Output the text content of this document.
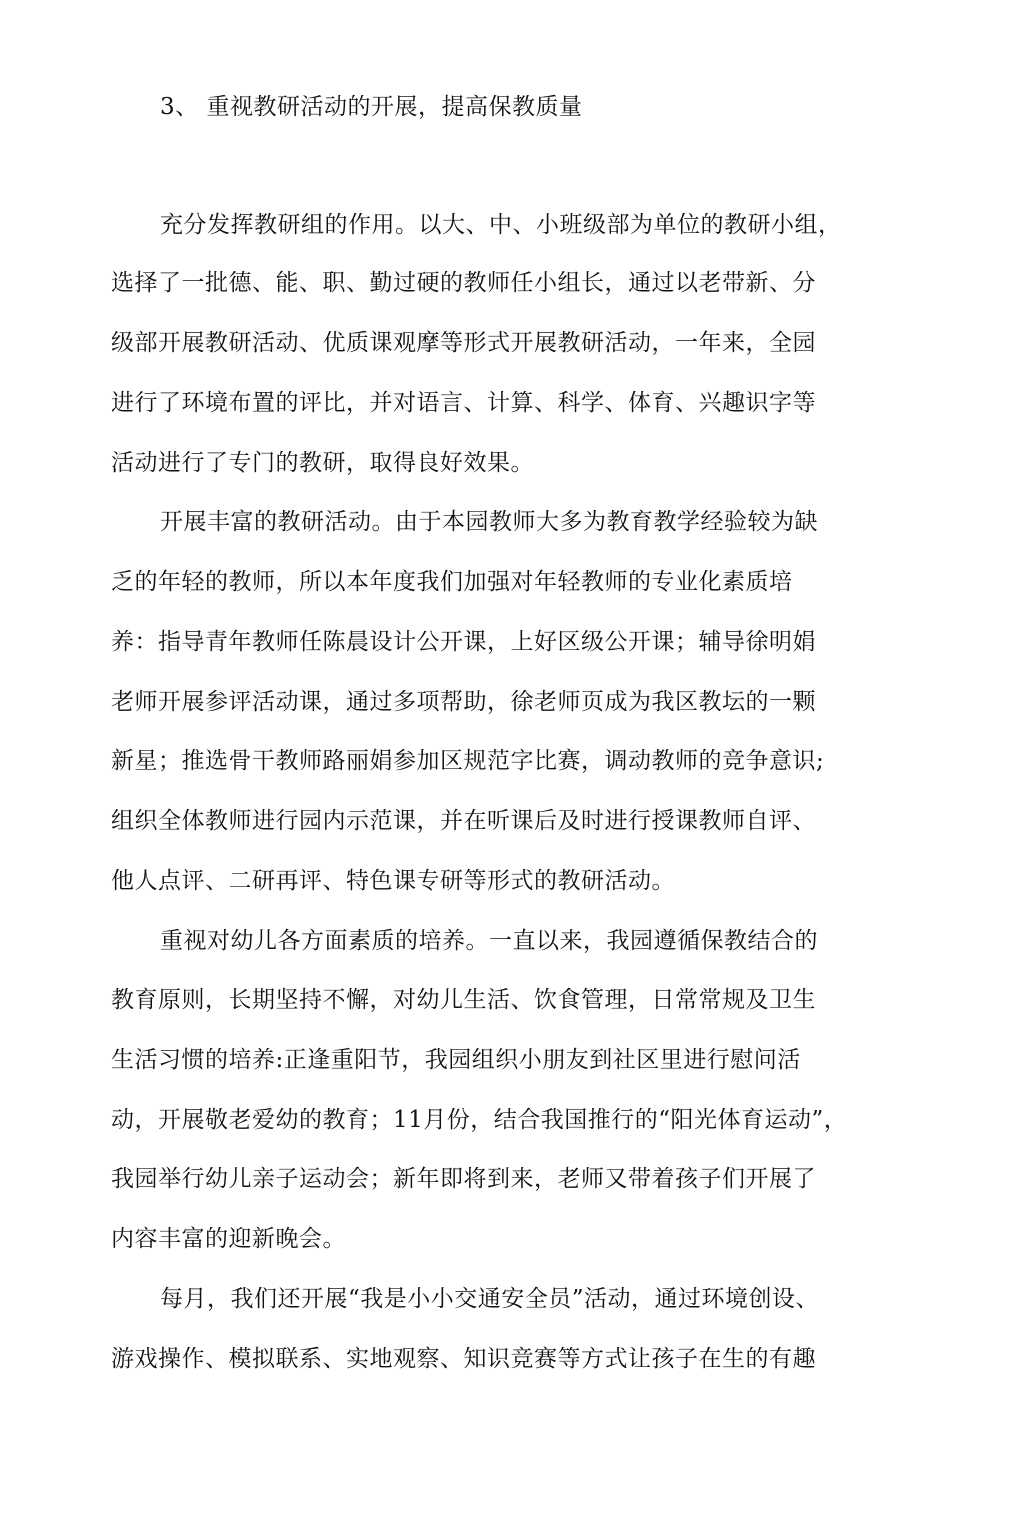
3、 重视教研活动的开展，提高保教质量
充分发挥教研组的作用。以大、中、小班级部为单位的教研小组，
选择了一批德、能、职、勤过硬的教师任小组长，通过以老带新、分
级部开展教研活动、优质课观摩等形式开展教研活动，一年来，全园
进行了环境布置的评比，并对语言、计算、科学、体育、兴趣识字等
活动进行了专门的教研，取得良好效果。
开展丰富的教研活动。由于本园教师大多为教育教学经验较为缺
乏的年轻的教师，所以本年度我们加强对年轻教师的专业化素质培
养：指导青年教师任陈晨设计公开课，上好区级公开课；辅导徐明娟
老师开展参评活动课，通过多项帮助，徐老师页成为我区教坛的一颗
新星；推选骨干教师路丽娟参加区规范字比赛，调动教师的竞争意识;
组织全体教师进行园内示范课，并在听课后及时进行授课教师自评、
他人点评、二研再评、特色课专研等形式的教研活动。
重视对幼儿各方面素质的培养。一直以来，我园遵循保教结合的
教育原则，长期坚持不懈，对幼儿生活、饮食管理，日常常规及卫生
生活习惯的培养:正逢重阳节，我园组织小朋友到社区里进行慰问活
动，开展敬老爱幼的教育；11月份，结合我国推行的“阳光体育运动”，
我园举行幼儿亲子运动会；新年即将到来，老师又带着孩子们开展了
内容丰富的迎新晚会。
每月，我们还开展“我是小小交通安全员”活动，通过环境创设、
游戏操作、模拟联系、实地观察、知识竞赛等方式让孩子在生的有趣
